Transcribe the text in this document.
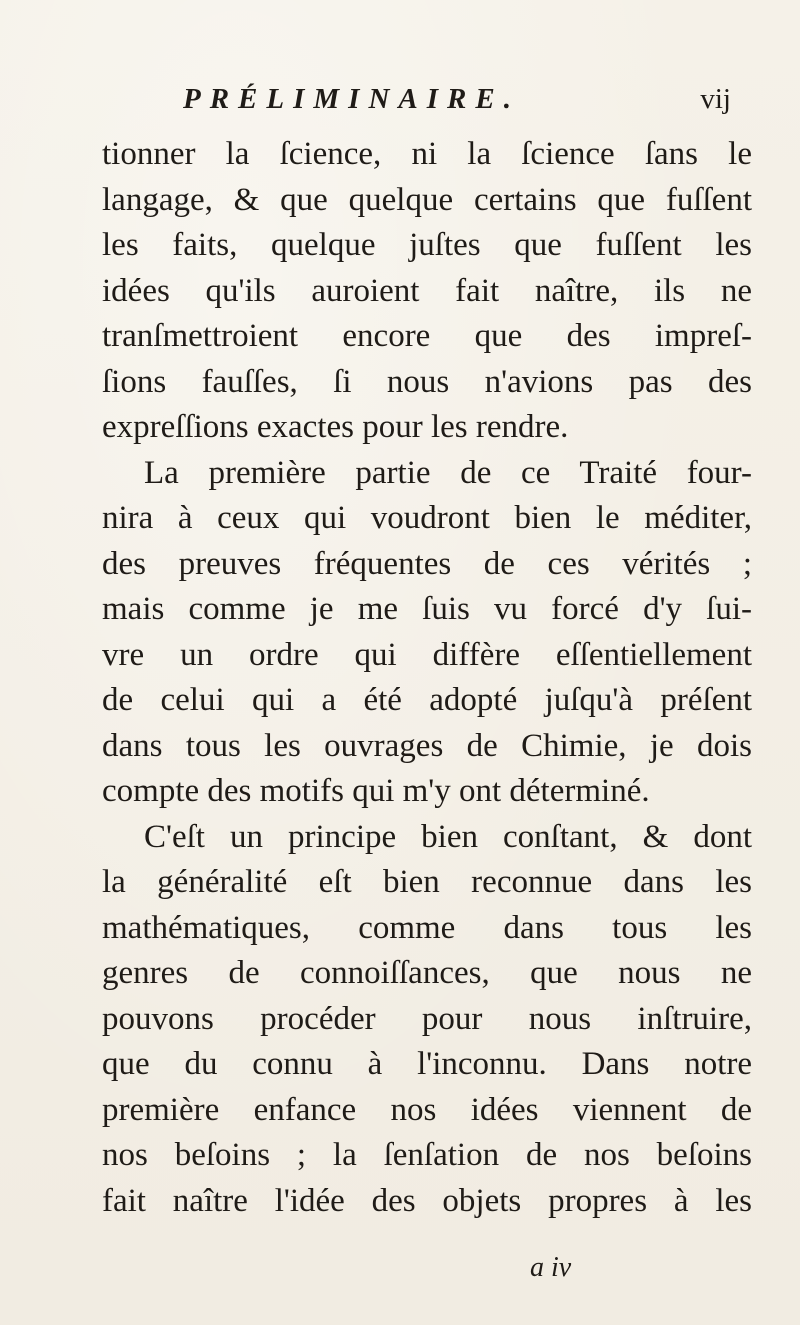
PRÉLIMINAIRE.	vij
tionner la ſcience, ni la ſcience ſans le
langage, & que quelque certains que fuſſent
les faits, quelque juſtes que fuſſent les
idées qu'ils auroient fait naître, ils ne
tranſmettroient encore que des impreſ-
ſions fauſſes, ſi nous n'avions pas des
expreſſions exactes pour les rendre.
La première partie de ce Traité four-
nira à ceux qui voudront bien le méditer,
des preuves fréquentes de ces vérités ;
mais comme je me ſuis vu forcé d'y ſui-
vre un ordre qui diffère eſſentiellement
de celui qui a été adopté juſqu'à préſent
dans tous les ouvrages de Chimie, je dois
compte des motifs qui m'y ont déterminé.
C'eſt un principe bien conſtant, & dont
la généralité eſt bien reconnue dans les
mathématiques, comme dans tous les
genres de connoiſſances, que nous ne
pouvons procéder pour nous inſtruire,
que du connu à l'inconnu. Dans notre
première enfance nos idées viennent de
nos beſoins ; la ſenſation de nos beſoins
fait naître l'idée des objets propres à les
a iv
